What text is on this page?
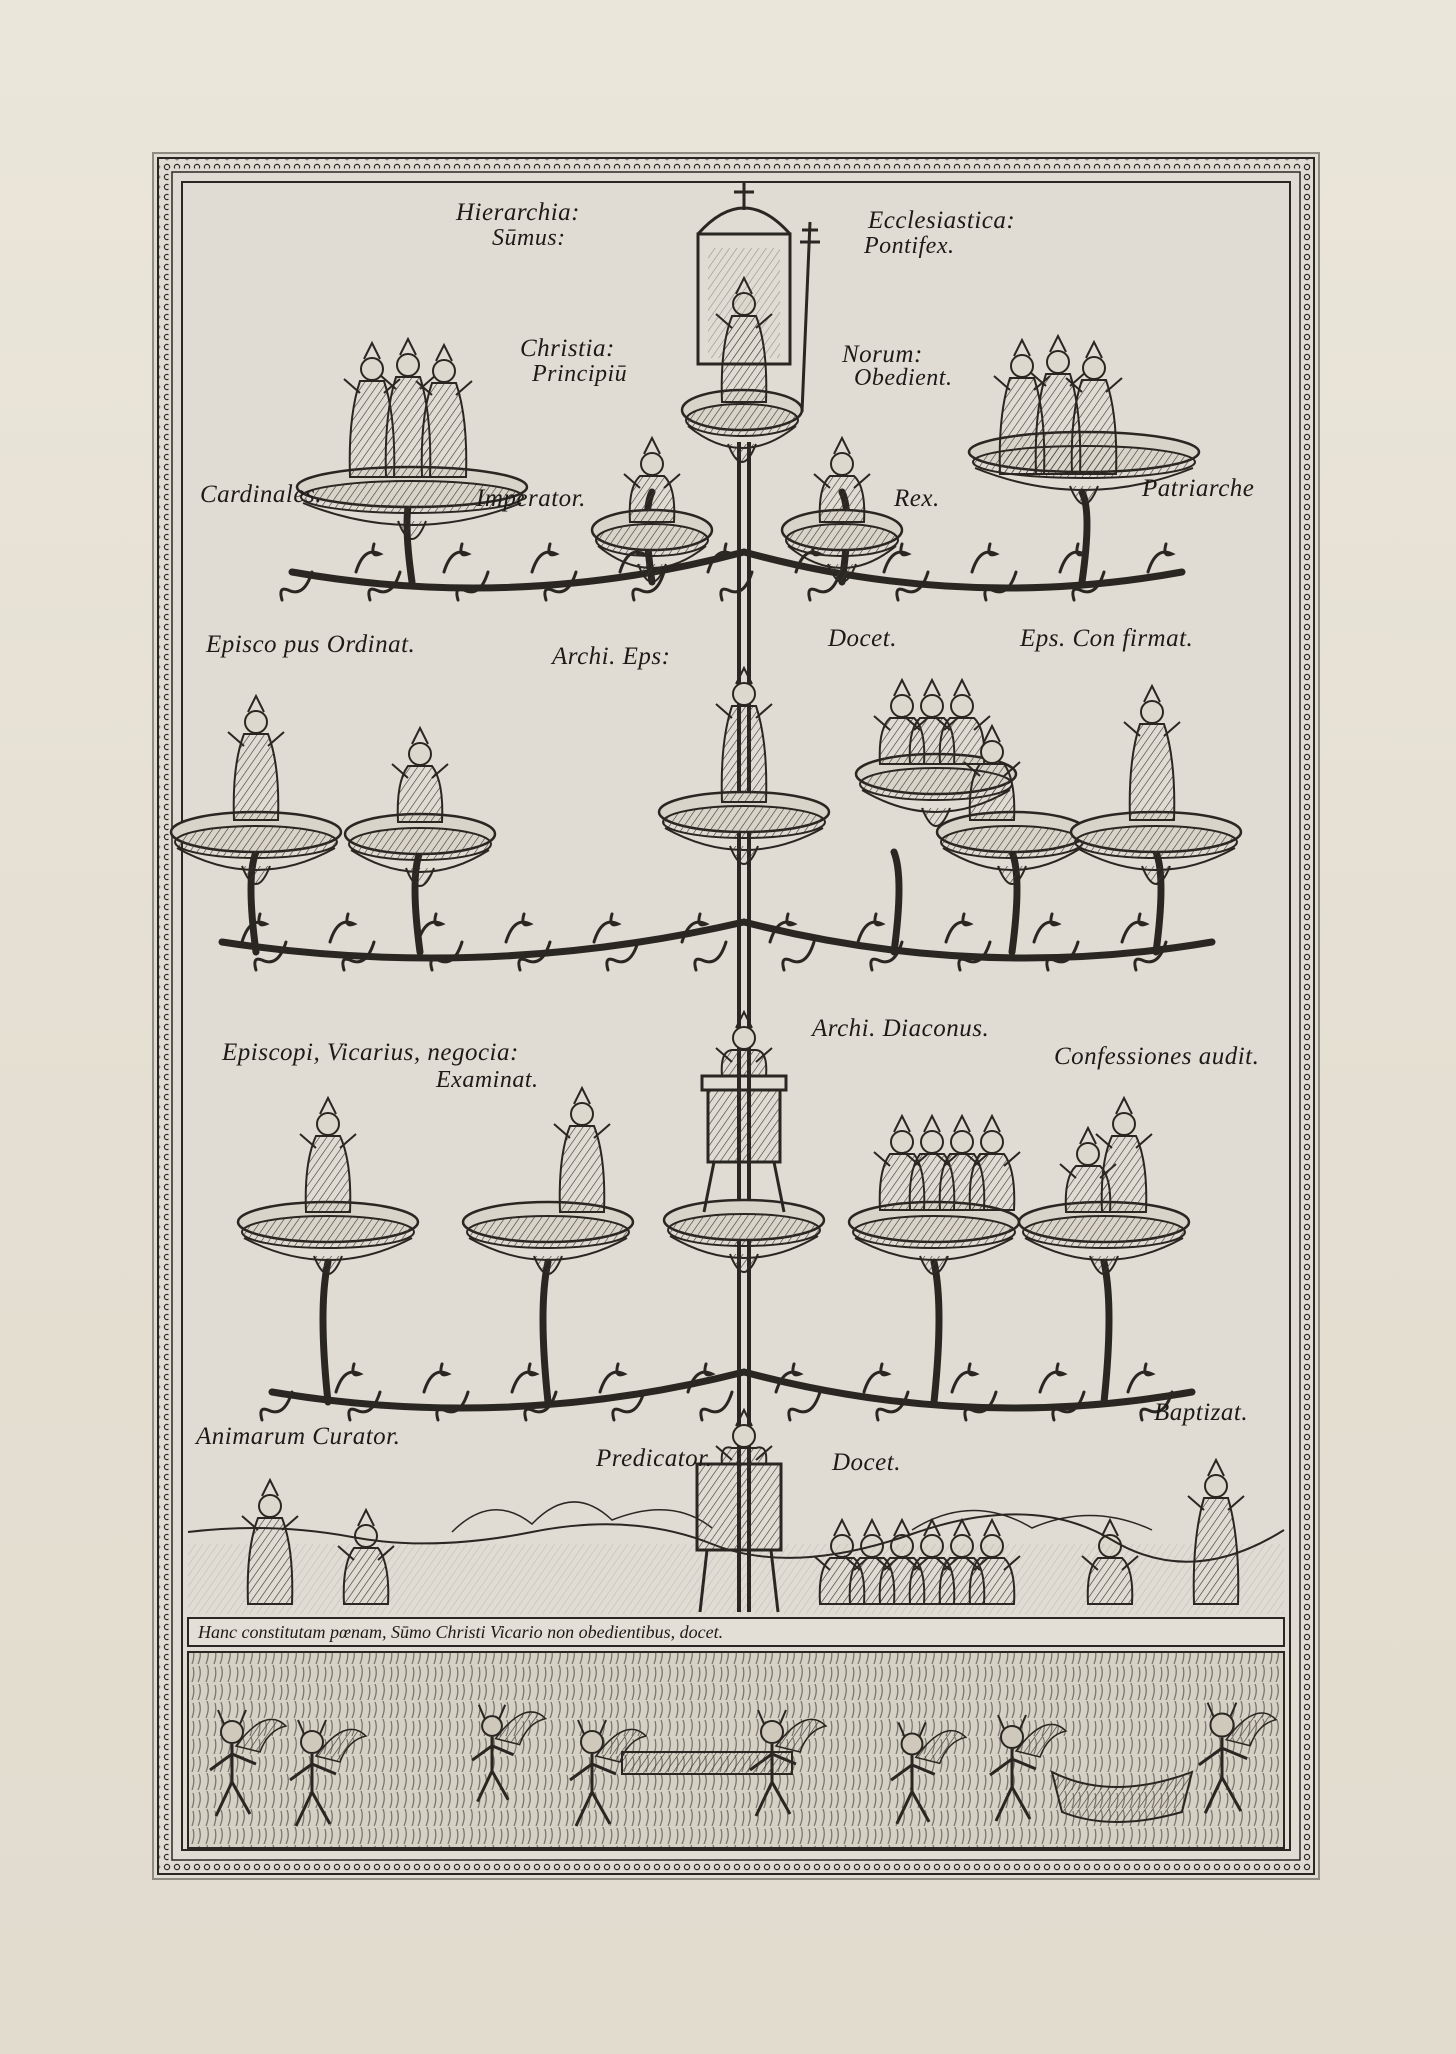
Hierarchia:
Sūmus:
Ecclesiastica:
Pontifex.
Christia:
Principiū
Norum:
Obedient.
Cardinales.	Imperator.	Rex.	Patriarche
Episco pus Ordinat.	Archi. Eps:
Docet.	Eps. Con firmat.
Archi. Diaconus.
Episcopi, Vicarius, negocia:
Examinat.
Confessiones audit.
Animarum Curator.
Predicator.	Docet.
Baptizat.
Hanc constitutam pœnam, Sūmo Christi Vicario non obedientibus, docet.
